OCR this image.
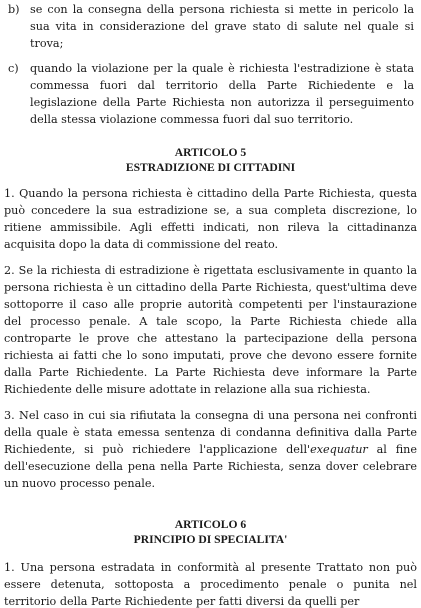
b) se con la consegna della persona richiesta si mette in pericolo la sua vita in considerazione del grave stato di salute nel quale si trova;
c) quando la violazione per la quale è richiesta l'estradizione è stata commessa fuori dal territorio della Parte Richiedente e la legislazione della Parte Richiesta non autorizza il perseguimento della stessa violazione commessa fuori dal suo territorio.
ARTICOLO 5
ESTRADIZIONE DI CITTADINI
1. Quando la persona richiesta è cittadino della Parte Richiesta, questa può concedere la sua estradizione se, a sua completa discrezione, lo ritiene ammissibile. Agli effetti indicati, non rileva la cittadinanza acquisita dopo la data di commissione del reato.
2. Se la richiesta di estradizione è rigettata esclusivamente in quanto la persona richiesta è un cittadino della Parte Richiesta, quest'ultima deve sottoporre il caso alle proprie autorità competenti per l'instaurazione del processo penale. A tale scopo, la Parte Richiesta chiede alla controparte le prove che attestano la partecipazione della persona richiesta ai fatti che lo sono imputati, prove che devono essere fornite dalla Parte Richiedente. La Parte Richiesta deve informare la Parte Richiedente delle misure adottate in relazione alla sua richiesta.
3. Nel caso in cui sia rifiutata la consegna di una persona nei confronti della quale è stata emessa sentenza di condanna definitiva dalla Parte Richiedente, si può richiedere l'applicazione dell'exequatur al fine dell'esecuzione della pena nella Parte Richiesta, senza dover celebrare un nuovo processo penale.
ARTICOLO 6
PRINCIPIO DI SPECIALITA'
1. Una persona estradata in conformità al presente Trattato non può essere detenuta, sottoposta a procedimento penale o punita nel territorio della Parte Richiedente per fatti diversi da quelli per
